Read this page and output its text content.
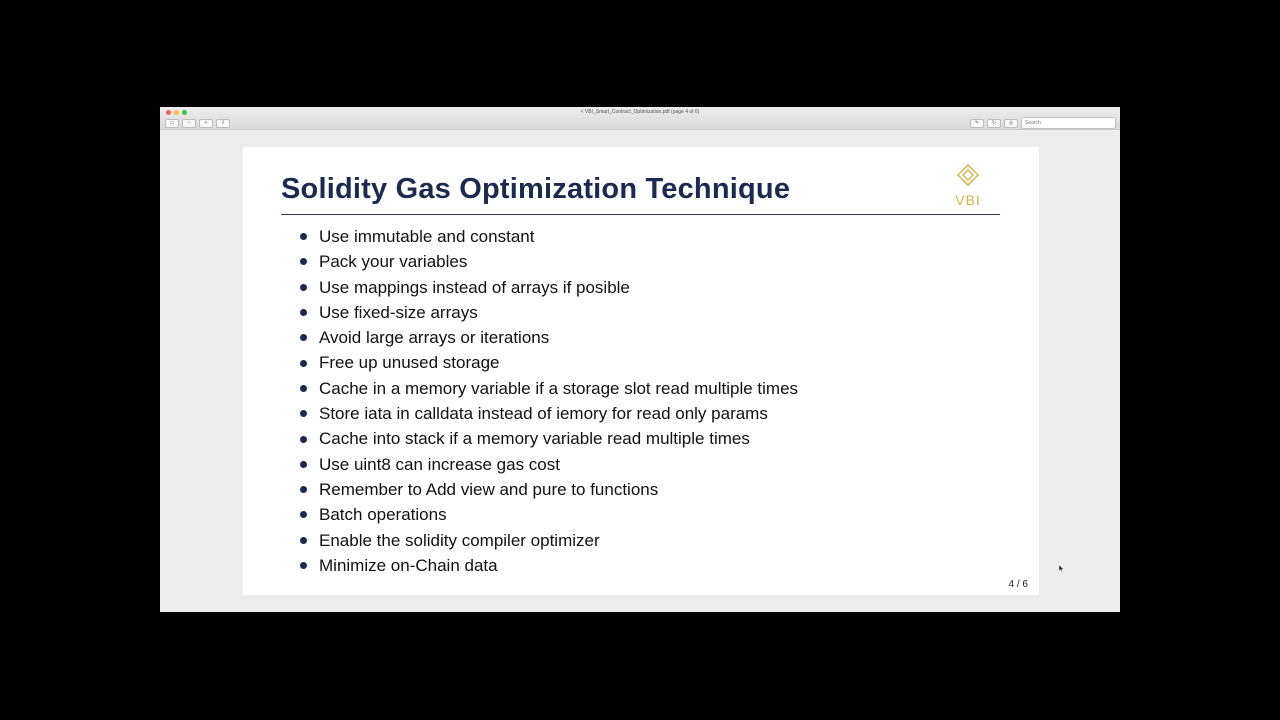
< VBI_Smart_Contract_Optimization.pdf (page 4 of 6)
▭	−	+	⇪	✎	↻	◎
Search
Solidity Gas Optimization Technique	VBI
Use immutable and constant
Pack your variables
Use mappings instead of arrays if posible
Use fixed-size arrays
Avoid large arrays or iterations
Free up unused storage
Cache in a memory variable if a storage slot read multiple times
Store iata in calldata instead of iemory for read only params
Cache into stack if a memory variable read multiple times
Use uint8 can increase gas cost
Remember to Add view and pure to functions
Batch operations
Enable the solidity compiler optimizer
Minimize on-Chain data
4 / 6
